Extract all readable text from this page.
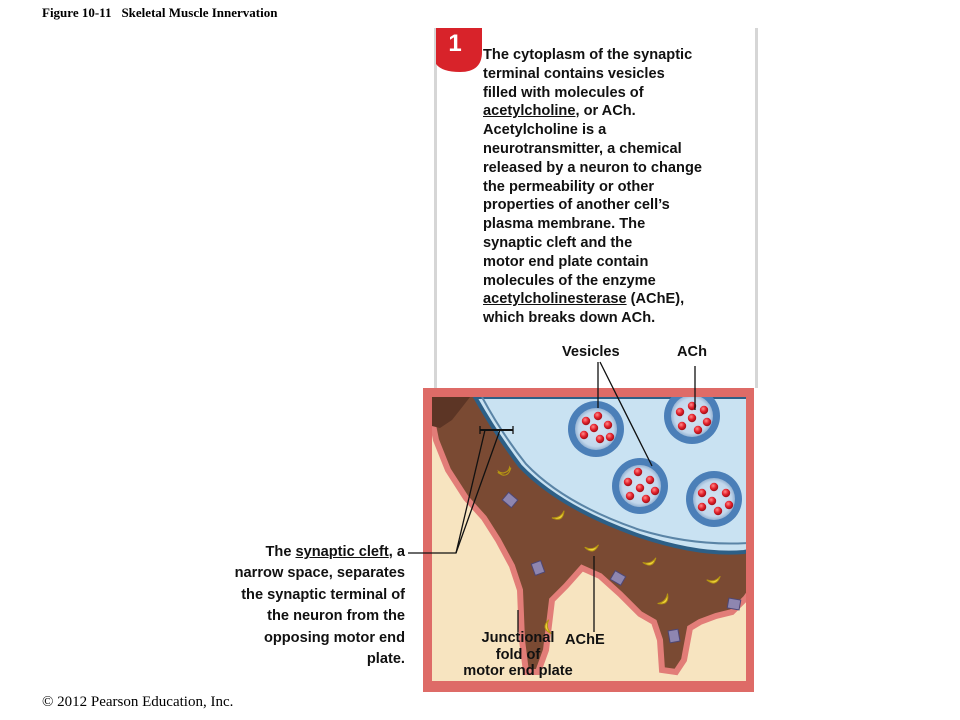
Figure 10-11 Skeletal Muscle Innervation
1	The cytoplasm of the synaptic
terminal contains vesicles
filled with molecules of
acetylcholine, or ACh.
Acetylcholine is a
neurotransmitter, a chemical
released by a neuron to change
the permeability or other
properties of another cell’s
plasma membrane. The
synaptic cleft and the
motor end plate contain
molecules of the enzyme
acetylcholinesterase (AChE),
which breaks down ACh.
Vesicles	ACh
AChE
Junctional
fold of
motor end plate
The synaptic cleft, a
narrow space, separates
the synaptic terminal of
the neuron from the
opposing motor end
plate.
© 2012 Pearson Education, Inc.
